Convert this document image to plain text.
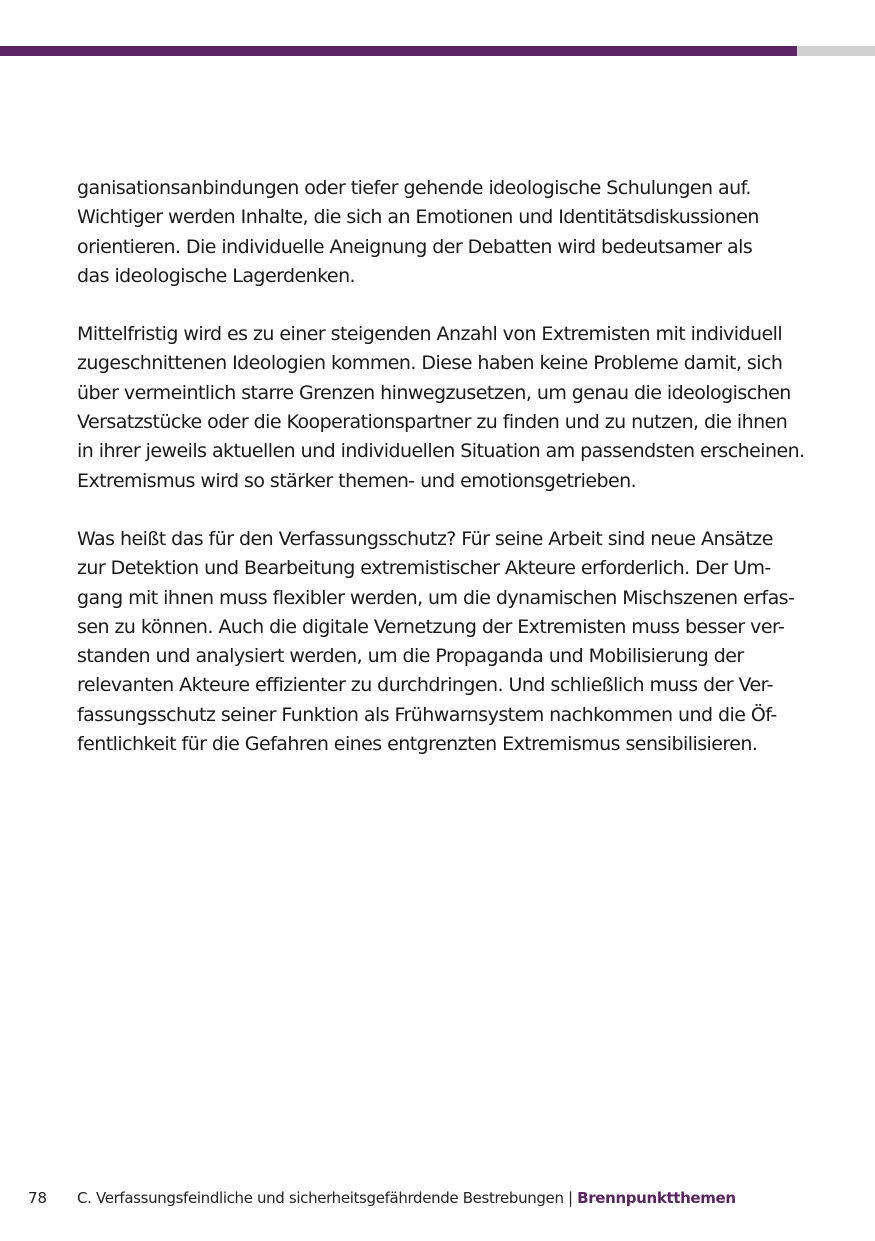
ganisationsanbindungen oder tiefer gehende ideologische Schulungen auf.
Wichtiger werden Inhalte, die sich an Emotionen und Identitätsdiskussionen
orientieren. Die individuelle Aneignung der Debatten wird bedeutsamer als
das ideologische Lagerdenken.

Mittelfristig wird es zu einer steigenden Anzahl von Extremisten mit individuell
zugeschnittenen Ideologien kommen. Diese haben keine Probleme damit, sich
über vermeintlich starre Grenzen hinwegzusetzen, um genau die ideologischen
Versatzstücke oder die Kooperationspartner zu finden und zu nutzen, die ihnen
in ihrer jeweils aktuellen und individuellen Situation am passendsten erscheinen.
Extremismus wird so stärker themen- und emotionsgetrieben.

Was heißt das für den Verfassungsschutz? Für seine Arbeit sind neue Ansätze
zur Detektion und Bearbeitung extremistischer Akteure erforderlich. Der Um-
gang mit ihnen muss flexibler werden, um die dynamischen Mischszenen erfas-
sen zu können. Auch die digitale Vernetzung der Extremisten muss besser ver-
standen und analysiert werden, um die Propaganda und Mobilisierung der
relevanten Akteure effizienter zu durchdringen. Und schließlich muss der Ver-
fassungsschutz seiner Funktion als Frühwarnsystem nachkommen und die Öf-
fentlichkeit für die Gefahren eines entgrenzten Extremismus sensibilisieren.

78 C. Verfassungsfeindliche und sicherheitsgefährdende Bestrebungen | Brennpunktthemen
